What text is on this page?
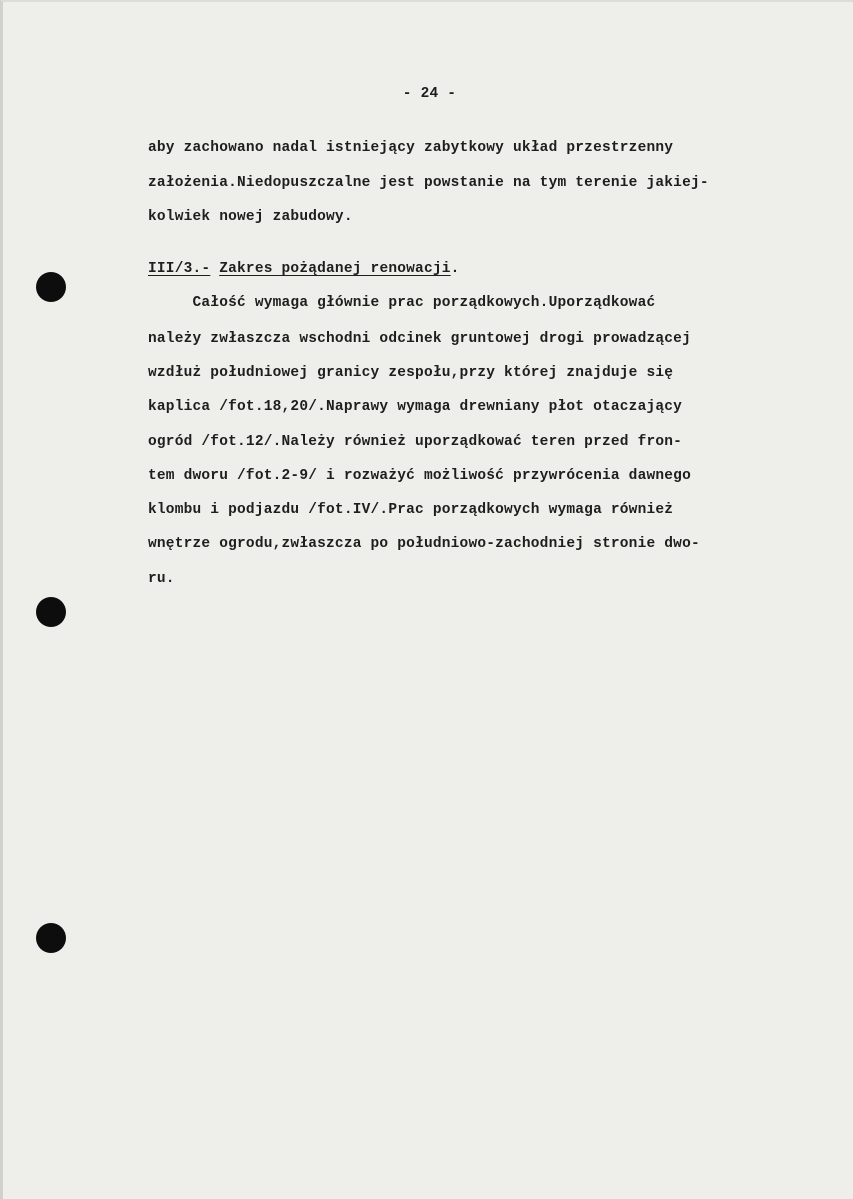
- 24 -
aby zachowano nadal istniejący zabytkowy układ przestrzenny
założenia.Niedopuszczalne jest powstanie na tym terenie jakiej-
kolwiek nowej zabudowy.
III/3.- Zakres pożądanej renowacji.
Całość wymaga głównie prac porządkowych.Uporządkować
należy zwłaszcza wschodni odcinek gruntowej drogi prowadzącej
wzdłuż południowej granicy zespołu,przy której znajduje się
kaplica /fot.18,20/.Naprawy wymaga drewniany płot otaczający
ogród /fot.12/.Należy również uporządkować teren przed fron-
tem dworu /fot.2-9/ i rozważyć możliwość przywrócenia dawnego
klombu i podjazdu /fot.IV/.Prac porządkowych wymaga również
wnętrze ogrodu,zwłaszcza po południowo-zachodniej stronie dwo-
ru.
